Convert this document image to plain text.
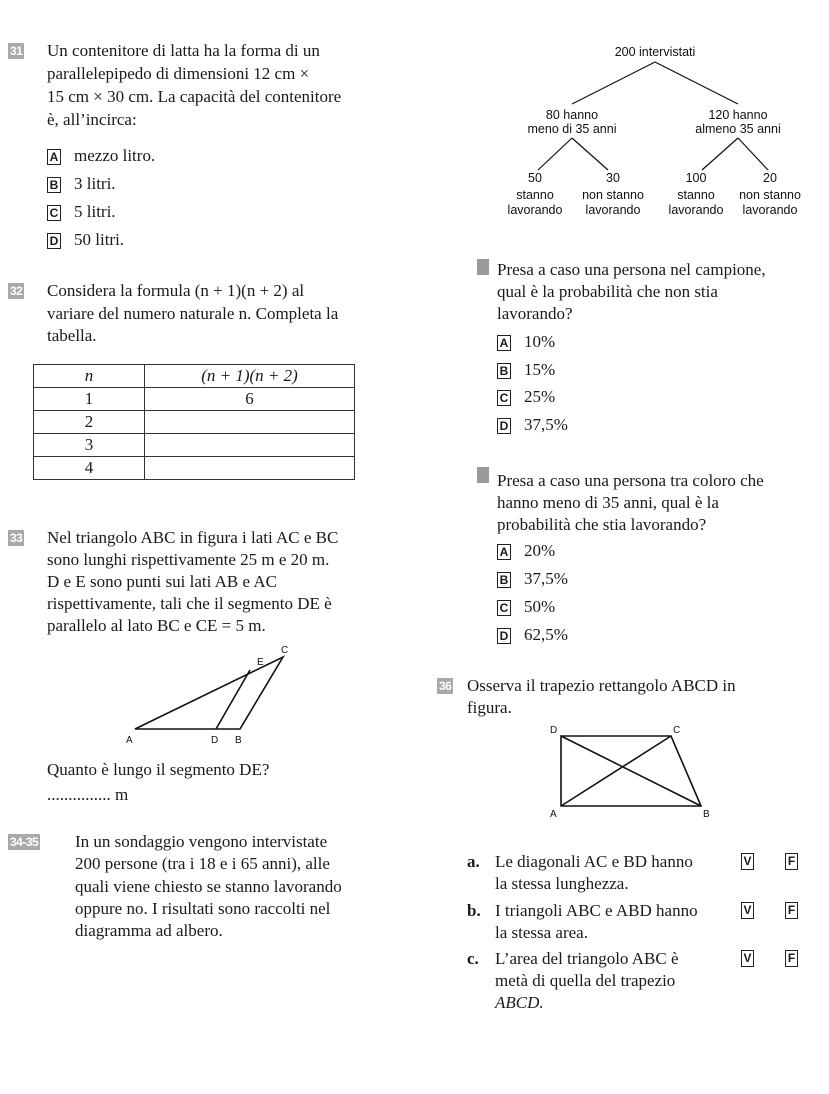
31 Un contenitore di latta ha la forma di un
parallelepipedo di dimensioni 12 cm ×
15 cm × 30 cm. La capacità del contenitore
è, all’incirca:
A mezzo litro.
B 3 litri.
C 5 litri.
D 50 litri.
32 Considera la formula (n + 1)(n + 2) al
variare del numero naturale n. Completa la
tabella.
n	(n + 1)(n + 2)
1	6
2	
3	
4	
33 Nel triangolo ABC in figura i lati AC e BC
sono lunghi rispettivamente 25 m e 20 m.
D e E sono punti sui lati AB e AC
rispettivamente, tali che il segmento DE è
parallelo al lato BC e CE = 5 m.
A	D B
E
C
Quanto è lungo il segmento DE?
............... m
34-35 In un sondaggio vengono intervistate
200 persone (tra i 18 e i 65 anni), alle
quali viene chiesto se stanno lavorando
oppure no. I risultati sono raccolti nel
diagramma ad albero.
200 intervistati
80 hanno
meno di 35 anni
120 hanno
almeno 35 anni
50
stanno
lavorando
30
non stanno
lavorando
100
stanno
lavorando
20
non stanno
lavorando
Presa a caso una persona nel campione,
qual è la probabilità che non stia
lavorando?
A 10%
B 15%
C 25%
D 37,5%
Presa a caso una persona tra coloro che
hanno meno di 35 anni, qual è la
probabilità che stia lavorando?
A 20%
B 37,5%
C 50%
D 62,5%
36 Osserva il trapezio rettangolo ABCD in
figura.
D	C
A	B
a. Le diagonali AC e BD hanno
la stessa lunghezza.
V	F
b. I triangoli ABC e ABD hanno
la stessa area.
V	F
c. L’area del triangolo ABC è
metà di quella del trapezio
ABCD.
V	F
